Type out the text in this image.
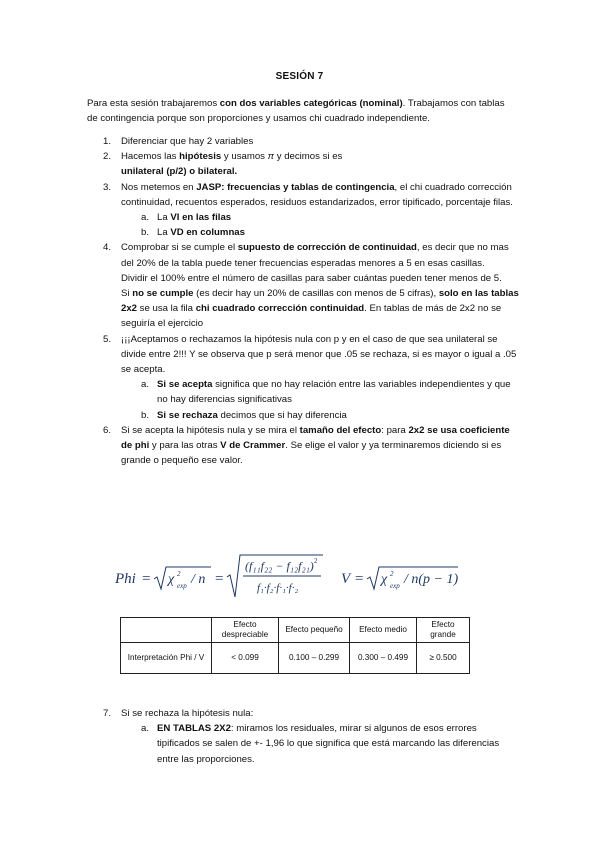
SESIÓN 7
Para esta sesión trabajaremos con dos variables categóricas (nominal). Trabajamos con tablas de contingencia porque son proporciones y usamos chi cuadrado independiente.
1. Diferenciar que hay 2 variables
2. Hacemos las hipótesis y usamos π y decimos si es
unilateral (p/2) o bilateral.
3. Nos metemos en JASP: frecuencias y tablas de contingencia, el chi cuadrado corrección continuidad, recuentos esperados, residuos estandarizados, error tipificado, porcentaje filas.
a. La VI en las filas
b. La VD en columnas
4. Comprobar si se cumple el supuesto de corrección de continuidad, es decir que no mas del 20% de la tabla puede tener frecuencias esperadas menores a 5 en esas casillas.
Dividir el 100% entre el número de casillas para saber cuántas pueden tener menos de 5.
Si no se cumple (es decir hay un 20% de casillas con menos de 5 cifras), solo en las tablas 2x2 se usa la fila chi cuadrado corrección continuidad. En tablas de más de 2x2 no se seguiría el ejercicio
5. ¡¡¡Aceptamos o rechazamos la hipótesis nula con p y en el caso de que sea unilateral se divide entre 2!!! Y se observa que p será menor que .05 se rechaza, si es mayor o igual a .05 se acepta.
a. Si se acepta significa que no hay relación entre las variables independientes y que no hay diferencias significativas
b. Si se rechaza decimos que si hay diferencia
6. Si se acepta la hipótesis nula y se mira el tamaño del efecto: para 2x2 se usa coeficiente de phi y para las otras V de Crammer. Se elige el valor y ya terminaremos diciendo si es grande o pequeño ese valor.
Phi = χ 2
exp / n =
(f₁₁f₂₂ − f₁₂f₂₁) 2
f₁·f₂·f·₁·f·₂
V = χ 2
exp / n(p − 1)
	Efecto despreciable	Efecto pequeño	Efecto medio	Efecto grande
Interpretación Phi / V	< 0.099	0.100 – 0.299	0.300 – 0.499	≥ 0.500
7. Si se rechaza la hipótesis nula:
a. EN TABLAS 2X2: miramos los residuales, mirar si algunos de esos errores tipificados se salen de +- 1,96 lo que significa que está marcando las diferencias entre las proporciones.
